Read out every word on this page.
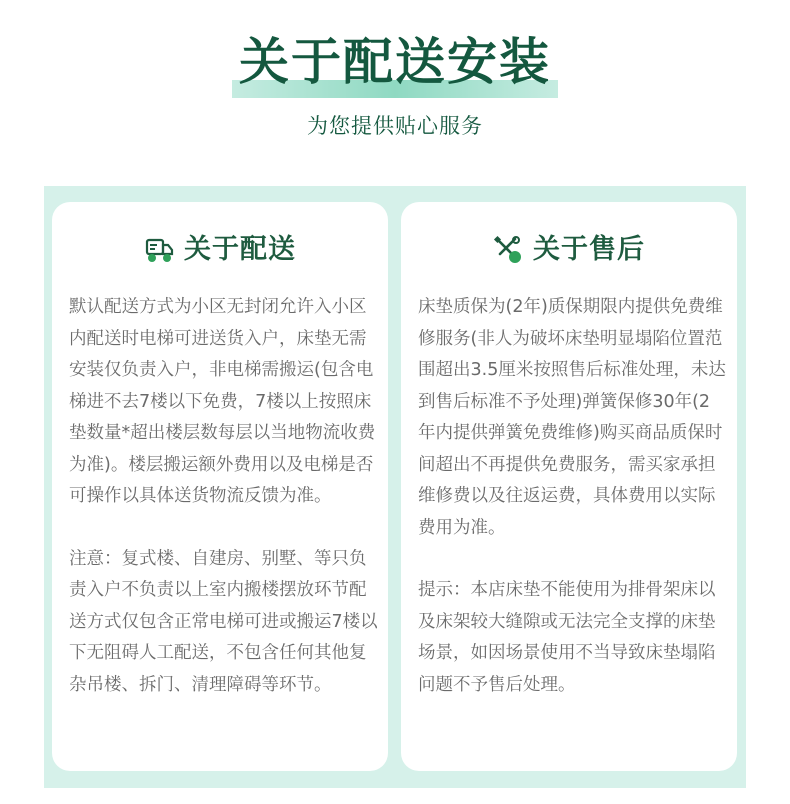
关于配送安装
为您提供贴心服务
关于配送

默认配送方式为小区无封闭允许入小区内配送时电梯可进送货入户，床垫无需安装仅负责入户，非电梯需搬运(包含电梯进不去7楼以下免费，7楼以上按照床垫数量*超出楼层数每层以当地物流收费为准)。楼层搬运额外费用以及电梯是否可操作以具体送货物流反馈为准。

注意：复式楼、自建房、别墅、等只负责入户不负责以上室内搬楼摆放环节配送方式仅包含正常电梯可进或搬运7楼以下无阻碍人工配送，不包含任何其他复杂吊楼、拆门、清理障碍等环节。

关于售后

床垫质保为(2年)质保期限内提供免费维修服务(非人为破坏床垫明显塌陷位置范围超出3.5厘米按照售后标准处理，未达到售后标准不予处理)弹簧保修30年(2年内提供弹簧免费维修)购买商品质保时间超出不再提供免费服务，需买家承担维修费以及往返运费，具体费用以实际费用为准。

提示：本店床垫不能使用为排骨架床以及床架较大缝隙或无法完全支撑的床垫场景，如因场景使用不当导致床垫塌陷问题不予售后处理。
